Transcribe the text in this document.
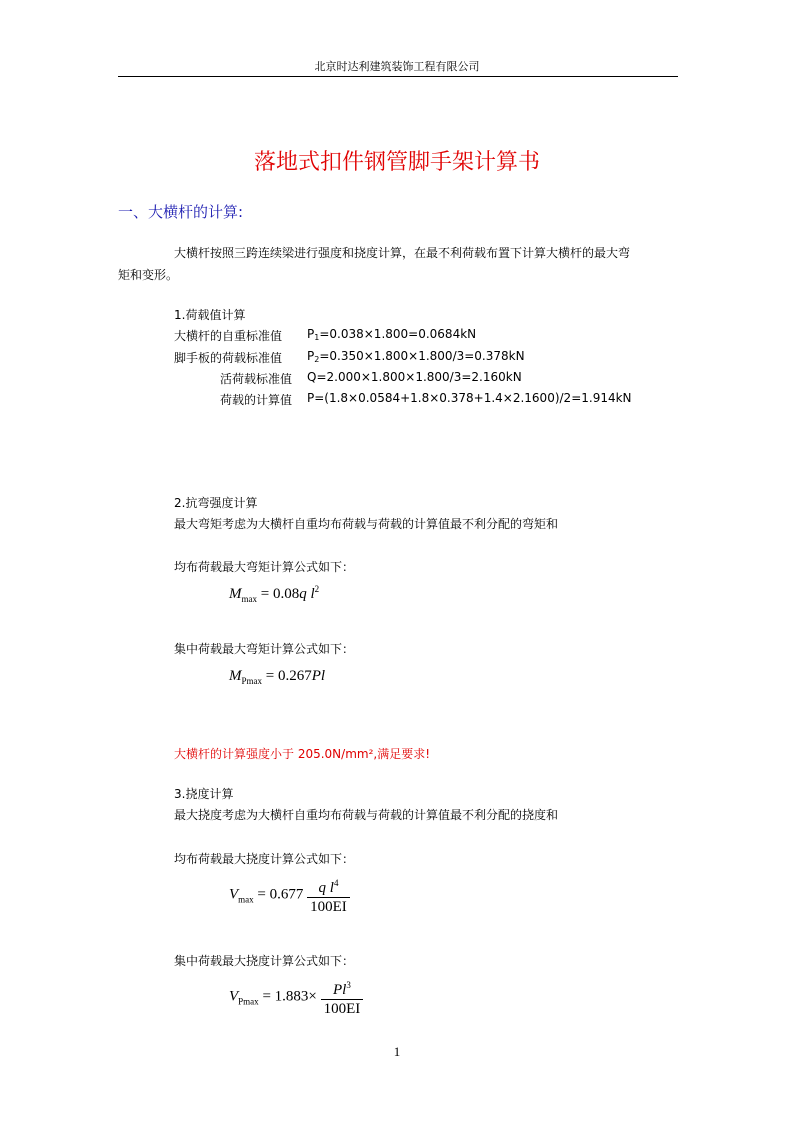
北京时达利建筑装饰工程有限公司
落地式扣件钢管脚手架计算书
一、大横杆的计算:
大横杆按照三跨连续梁进行强度和挠度计算，在最不利荷载布置下计算大横杆的最大弯
矩和变形。
1.荷载值计算
大横杆的自重标准值 P1=0.038×1.800=0.0684kN
脚手板的荷载标准值 P2=0.350×1.800×1.800/3=0.378kN
活荷载标准值 Q=2.000×1.800×1.800/3=2.160kN
荷载的计算值 P=(1.8×0.0584+1.8×0.378+1.4×2.1600)/2=1.914kN
2.抗弯强度计算
最大弯矩考虑为大横杆自重均布荷载与荷载的计算值最不利分配的弯矩和
均布荷载最大弯矩计算公式如下：
$M_{max} = 0.08q$ $l^2$
集中荷载最大弯矩计算公式如下：
$M_{Pmax} = 0.267Pl$
大横杆的计算强度小于 205.0N/mm²,满足要求!
3.挠度计算
最大挠度考虑为大横杆自重均布荷载与荷载的计算值最不利分配的挠度和
均布荷载最大挠度计算公式如下：
$V_{max} = 0.677 \frac{q l^4}{100EI}$
集中荷载最大挠度计算公式如下：
$V_{Pmax} = 1.883\times \frac{Pl^3}{100EI}$
1
